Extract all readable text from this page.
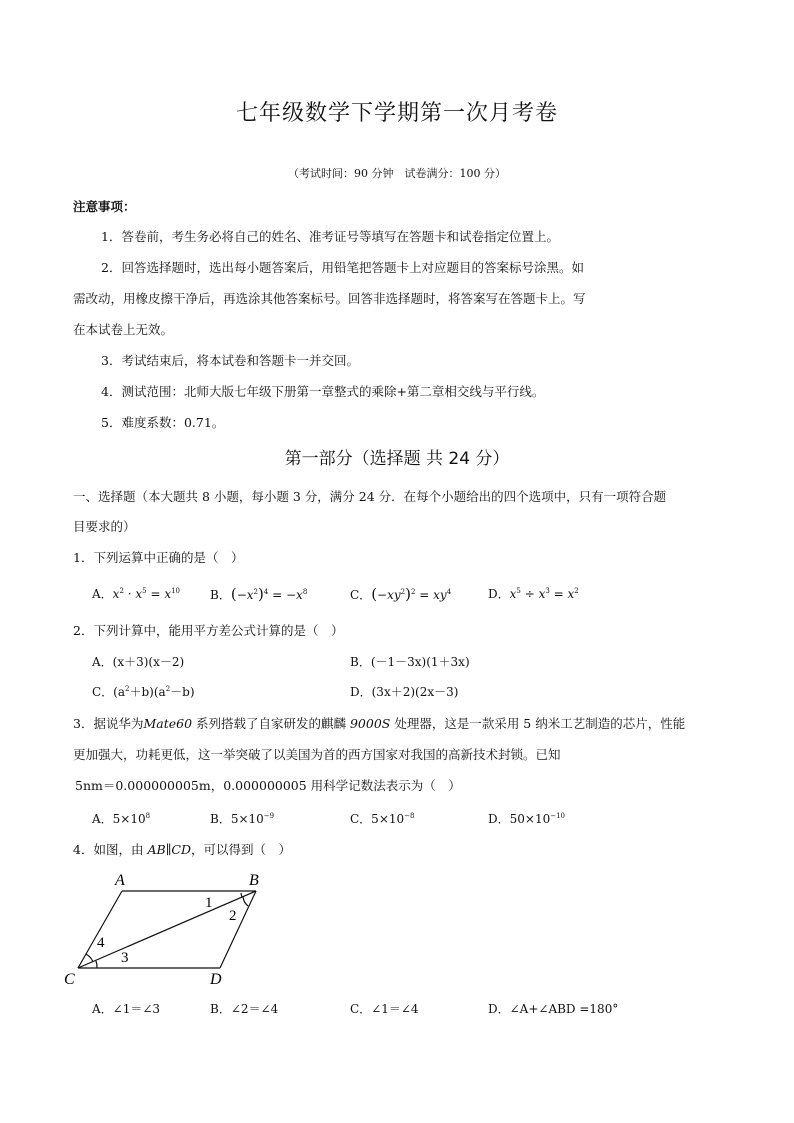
七年级数学下学期第一次月考卷
（考试时间：90 分钟　试卷满分：100 分）
注意事项：
1．答卷前，考生务必将自己的姓名、准考证号等填写在答题卡和试卷指定位置上。
2．回答选择题时，选出每小题答案后，用铅笔把答题卡上对应题目的答案标号涂黑。如
需改动，用橡皮擦干净后，再选涂其他答案标号。回答非选择题时，将答案写在答题卡上。写
在本试卷上无效。
3．考试结束后，将本试卷和答题卡一并交回。
4．测试范围：北师大版七年级下册第一章整式的乘除+第二章相交线与平行线。
5．难度系数：0.71。
第一部分（选择题 共 24 分）
一、选择题（本大题共 8 小题，每小题 3 分，满分 24 分．在每个小题给出的四个选项中，只有一项符合题
目要求的）
1．下列运算中正确的是（　）
A．$x^2 \cdot x^5 = x^{10}$ B．$(-x^2)^4 = -x^8$	C．$(-xy^2)^2 = xy^4$	D．$x^5 \div x^3 = x^2$
2．下列计算中，能用平方差公式计算的是（　）
A．(x＋3)(x－2)	B．(－1－3x)(1＋3x)
C．$(a^2+b)(a^2-b)$	D．(3x＋2)(2x－3)
3．据说华为Mate60 系列搭载了自家研发的麒麟 9000S 处理器，这是一款采用 5 纳米工艺制造的芯片，性能
更加强大，功耗更低，这一举突破了以美国为首的西方国家对我国的高新技术封锁。已知
5nm＝0.000000005m，0.000000005 用科学记数法表示为（　）
A．$5\times 10^8$	B．$5\times 10^{-9}$	C．$5\times 10^{-8}$	D．$50\times 10^{-10}$
4．如图，由 AB∥CD，可以得到（　）
A	B
C	D
1
2
4
3
A．∠1＝∠3	B．∠2＝∠4	C．∠1＝∠4	D．∠A+∠ABD =180°
